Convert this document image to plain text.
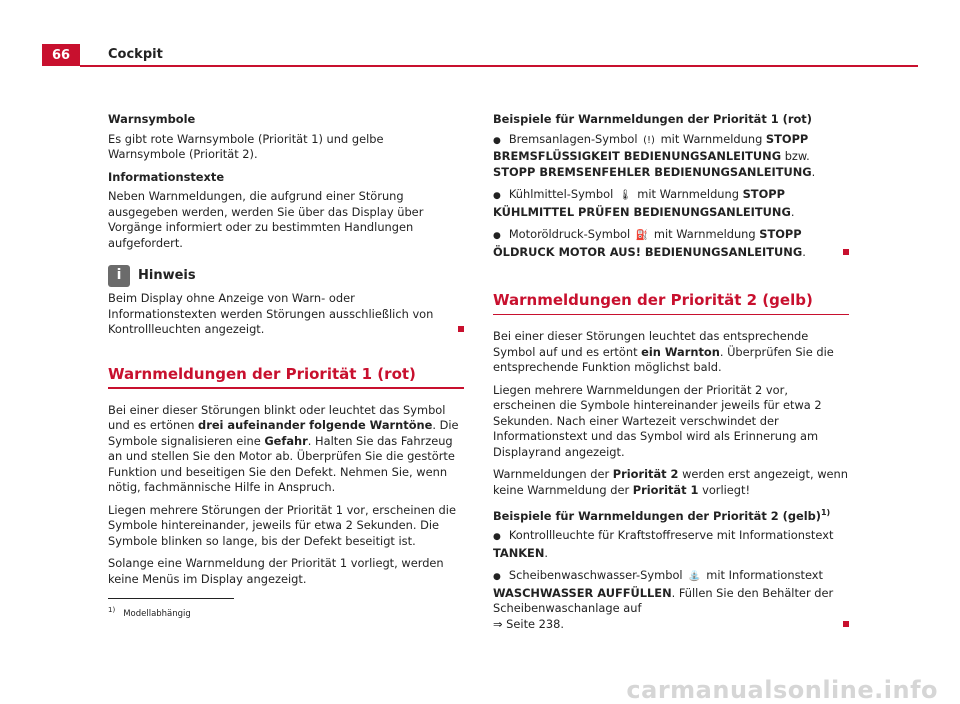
66	Cockpit

Warnsymbole

Es gibt rote Warnsymbole (Priorität 1) und gelbe Warnsymbole (Priorität 2).

Informationstexte

Neben Warnmeldungen, die aufgrund einer Störung ausgegeben werden, werden Sie über das Display über Vorgänge informiert oder zu bestimmten Handlungen aufgefordert.

i	Hinweis

Beim Display ohne Anzeige von Warn- oder Informationstexten werden Störungen ausschließlich von Kontrollleuchten angezeigt.

Warnmeldungen der Priorität 1 (rot)

Bei einer dieser Störungen blinkt oder leuchtet das Symbol und es ertönen drei aufeinander folgende Warntöne. Die Symbole signalisieren eine Gefahr. Halten Sie das Fahrzeug an und stellen Sie den Motor ab. Überprüfen Sie die gestörte Funktion und beseitigen Sie den Defekt. Nehmen Sie, wenn nötig, fachmännische Hilfe in Anspruch.

Liegen mehrere Störungen der Priorität 1 vor, erscheinen die Symbole hintereinander, jeweils für etwa 2 Sekunden. Die Symbole blinken so lange, bis der Defekt beseitigt ist.

Solange eine Warnmeldung der Priorität 1 vorliegt, werden keine Menüs im Display angezeigt.

Beispiele für Warnmeldungen der Priorität 1 (rot)

● Bremsanlagen-Symbol (!) mit Warnmeldung STOPP BREMSFLÜSSIGKEIT BEDIENUNGSANLEITUNG bzw. STOPP BREMSENFEHLER BEDIENUNGSANLEITUNG.

● Kühlmittel-Symbol 🌡 mit Warnmeldung STOPP KÜHLMITTEL PRÜFEN BEDIENUNGSANLEITUNG.

● Motoröldruck-Symbol ⛽ mit Warnmeldung STOPP ÖLDRUCK MOTOR AUS! BEDIENUNGSANLEITUNG.

Warnmeldungen der Priorität 2 (gelb)

Bei einer dieser Störungen leuchtet das entsprechende Symbol auf und es ertönt ein Warnton. Überprüfen Sie die entsprechende Funktion möglichst bald.

Liegen mehrere Warnmeldungen der Priorität 2 vor, erscheinen die Symbole hintereinander jeweils für etwa 2 Sekunden. Nach einer Wartezeit verschwindet der Informationstext und das Symbol wird als Erinnerung am Displayrand angezeigt.

Warnmeldungen der Priorität 2 werden erst angezeigt, wenn keine Warnmeldung der Priorität 1 vorliegt!

Beispiele für Warnmeldungen der Priorität 2 (gelb)$^{1)}$

● Kontrollleuchte für Kraftstoffreserve mit Informationstext TANKEN.

● Scheibenwaschwasser-Symbol ⛲ mit Informationstext WASCHWASSER AUFFÜLLEN. Füllen Sie den Behälter der Scheibenwaschanlage auf
⇒ Seite 238.

$^{1)}$ Modellabhängig
carmanualsonline.info
